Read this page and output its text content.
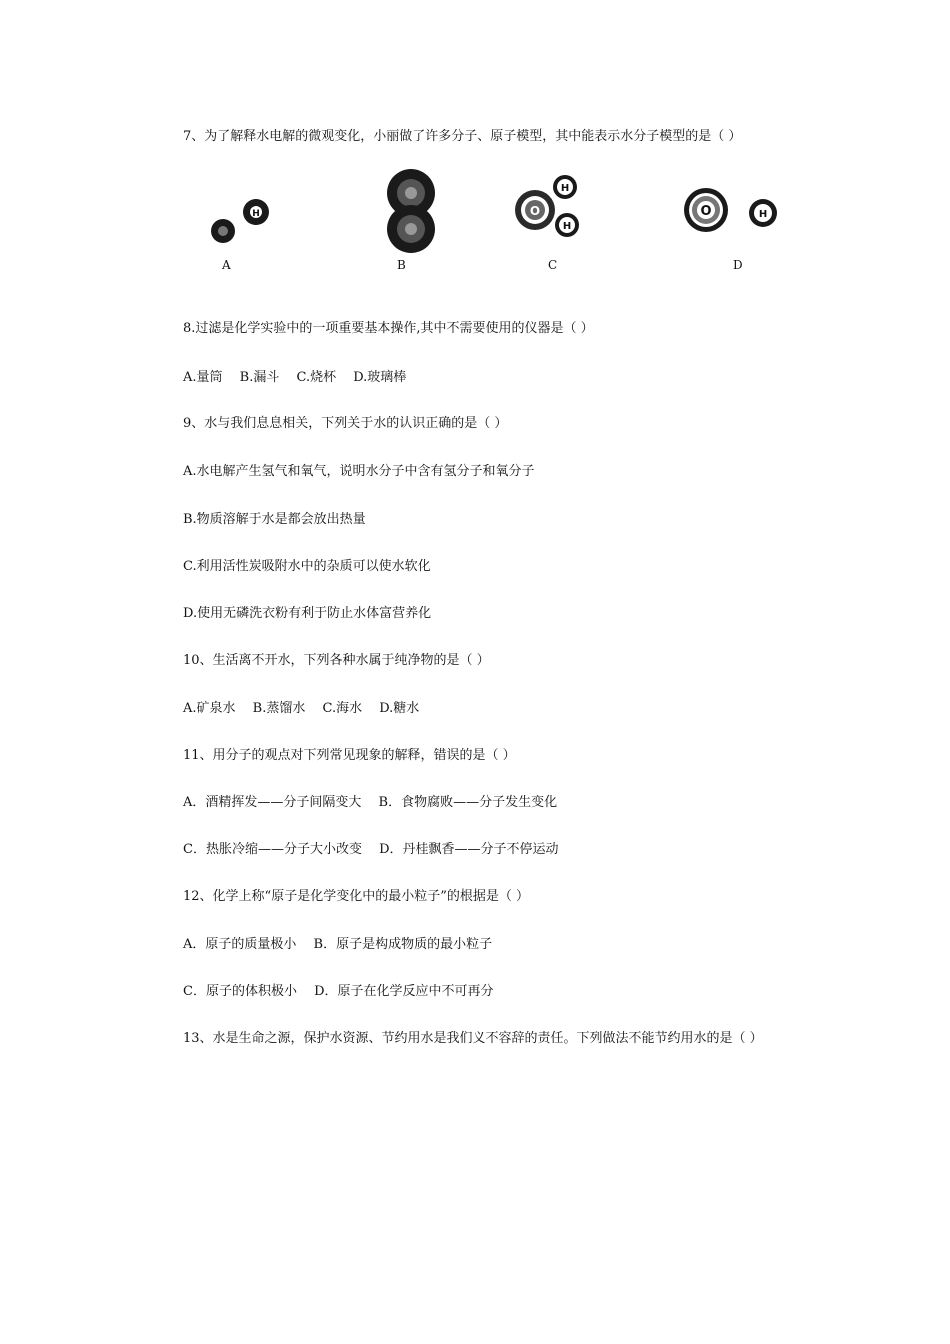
7、为了解释水电解的微观变化，小丽做了许多分子、原子模型，其中能表示水分子模型的是（ ）
H	O
H
H
O	H
A	B	C	D
8.过滤是化学实验中的一项重要基本操作,其中不需要使用的仪器是（ ）
A.量筒　 B.漏斗　 C.烧杯　 D.玻璃棒
9、水与我们息息相关，下列关于水的认识正确的是（ ）
A.水电解产生氢气和氧气，说明水分子中含有氢分子和氧分子
B.物质溶解于水是都会放出热量
C.利用活性炭吸附水中的杂质可以使水软化
D.使用无磷洗衣粉有利于防止水体富营养化
10、生活离不开水，下列各种水属于纯净物的是（ ）
A.矿泉水　 B.蒸馏水　 C.海水　 D.糖水
11、用分子的观点对下列常见现象的解释，错误的是（ ）
A．酒精挥发——分子间隔变大　 B．食物腐败——分子发生变化
C．热胀冷缩——分子大小改变　 D．丹桂飘香——分子不停运动
12、化学上称“原子是化学变化中的最小粒子”的根据是（ ）
A．原子的质量极小　 B．原子是构成物质的最小粒子
C．原子的体积极小　 D．原子在化学反应中不可再分
13、水是生命之源，保护水资源、节约用水是我们义不容辞的责任。下列做法不能节约用水的是（ ）
